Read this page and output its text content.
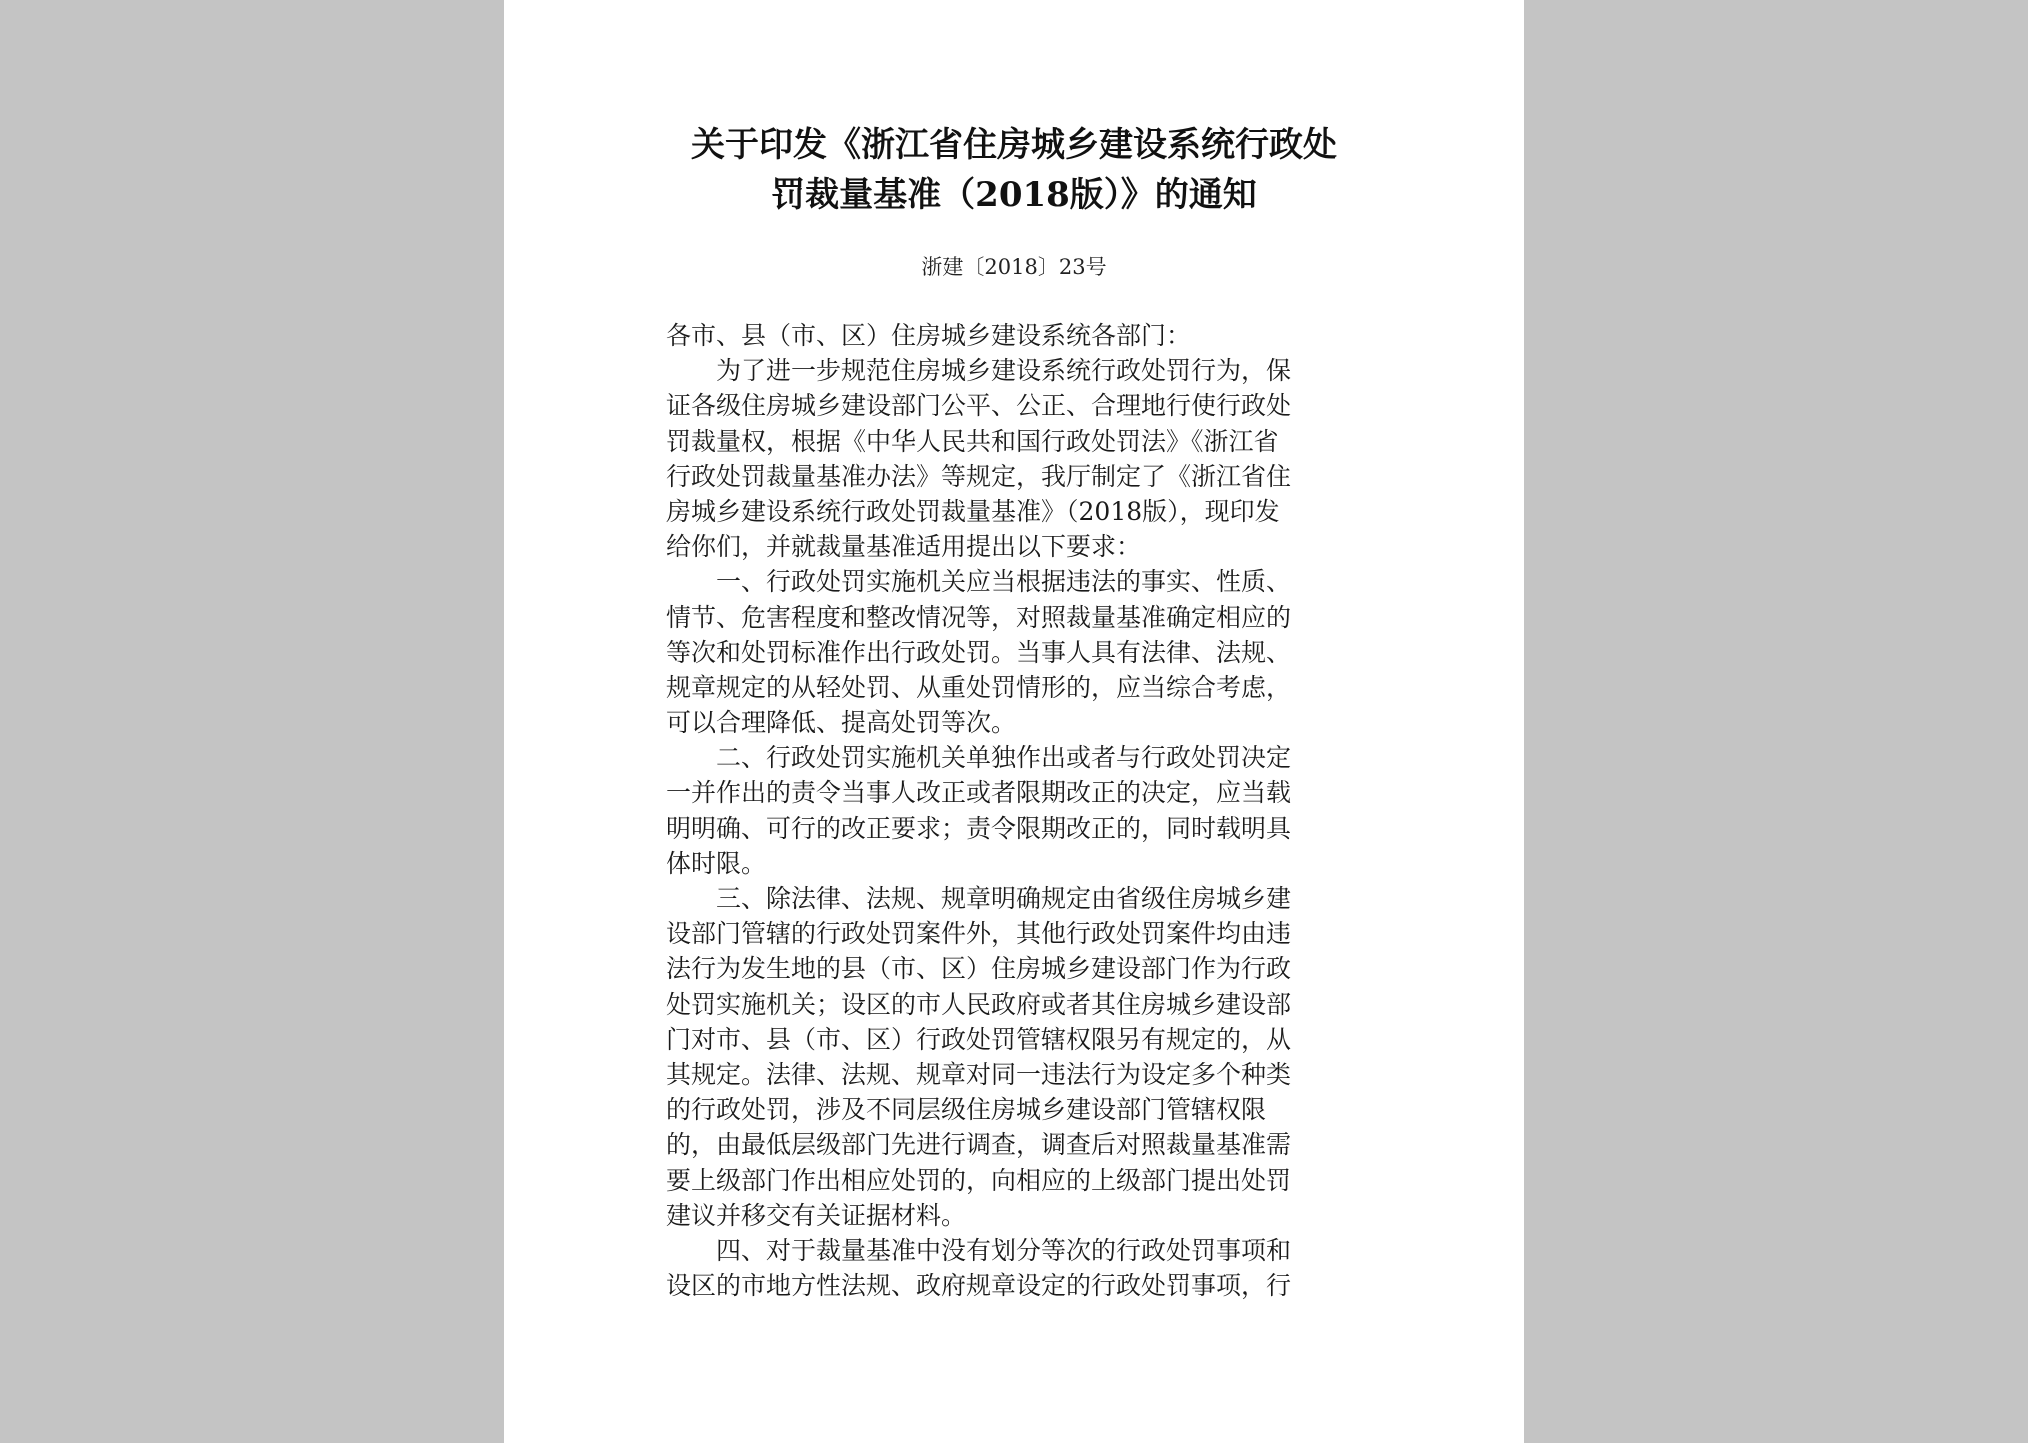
关于印发《浙江省住房城乡建设系统行政处
罚裁量基准（2018版）》的通知

浙建〔2018〕23号

各市、县（市、区）住房城乡建设系统各部门：
为了进一步规范住房城乡建设系统行政处罚行为，保
证各级住房城乡建设部门公平、公正、合理地行使行政处
罚裁量权，根据《中华人民共和国行政处罚法》《浙江省
行政处罚裁量基准办法》等规定，我厅制定了《浙江省住
房城乡建设系统行政处罚裁量基准》（2018版），现印发
给你们，并就裁量基准适用提出以下要求：
一、行政处罚实施机关应当根据违法的事实、性质、
情节、危害程度和整改情况等，对照裁量基准确定相应的
等次和处罚标准作出行政处罚。当事人具有法律、法规、
规章规定的从轻处罚、从重处罚情形的，应当综合考虑，
可以合理降低、提高处罚等次。
二、行政处罚实施机关单独作出或者与行政处罚决定
一并作出的责令当事人改正或者限期改正的决定，应当载
明明确、可行的改正要求；责令限期改正的，同时载明具
体时限。
三、除法律、法规、规章明确规定由省级住房城乡建
设部门管辖的行政处罚案件外，其他行政处罚案件均由违
法行为发生地的县（市、区）住房城乡建设部门作为行政
处罚实施机关；设区的市人民政府或者其住房城乡建设部
门对市、县（市、区）行政处罚管辖权限另有规定的，从
其规定。法律、法规、规章对同一违法行为设定多个种类
的行政处罚，涉及不同层级住房城乡建设部门管辖权限
的，由最低层级部门先进行调查，调查后对照裁量基准需
要上级部门作出相应处罚的，向相应的上级部门提出处罚
建议并移交有关证据材料。
四、对于裁量基准中没有划分等次的行政处罚事项和
设区的市地方性法规、政府规章设定的行政处罚事项，行
